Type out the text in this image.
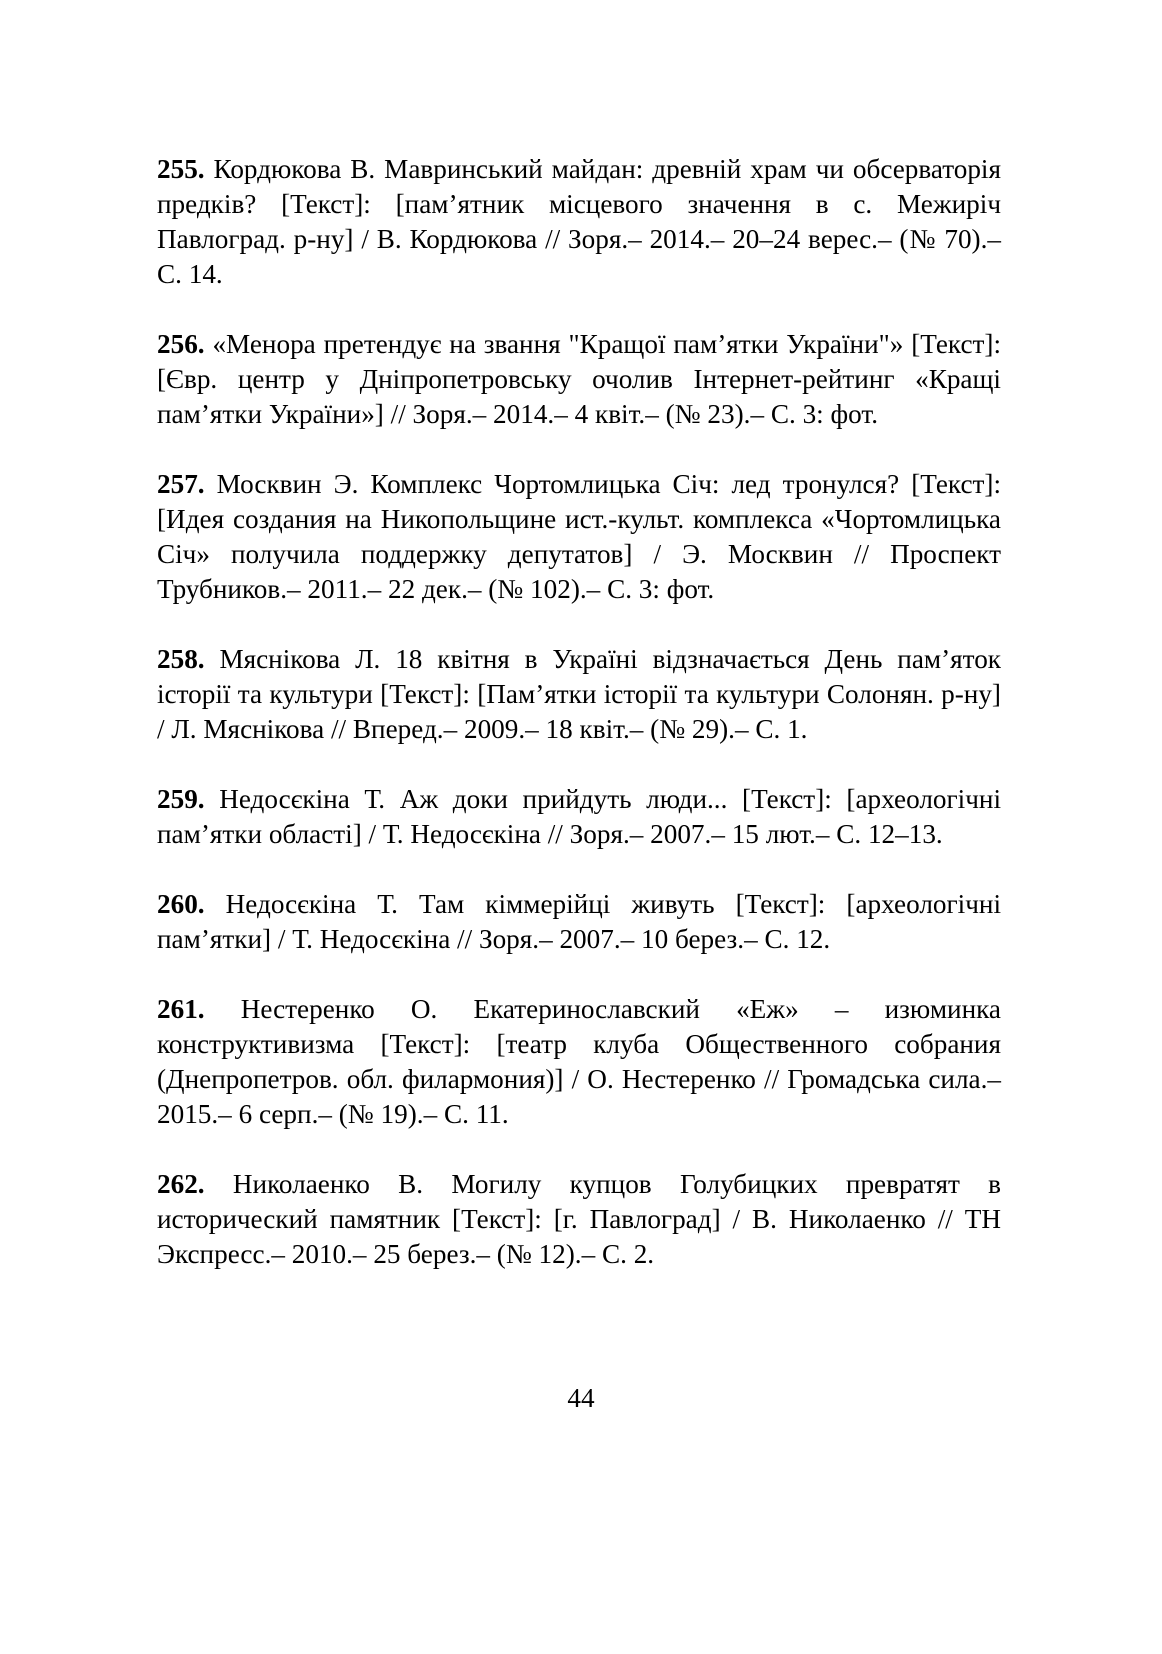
255. Кордюкова В. Мавринський майдан: древній храм чи обсерваторія предків? [Текст]: [пам’ятник місцевого значення в с. Межиріч Павлоград. р-ну] / В. Кордюкова // Зоря.– 2014.– 20–24 верес.– (№ 70).– С. 14.

256. «Менора претендує на звання "Кращої пам’ятки України"» [Текст]: [Євр. центр у Дніпропетровську очолив Інтернет-рейтинг «Кращі пам’ятки України»] // Зоря.– 2014.– 4 квіт.– (№ 23).– С. 3: фот.

257. Москвин Э. Комплекс Чортомлицька Січ: лед тронулся? [Текст]: [Идея создания на Никопольщине ист.-культ. комплекса «Чортомлицька Січ» получила поддержку депутатов] / Э. Москвин // Проспект Трубников.– 2011.– 22 дек.– (№ 102).– С. 3: фот.

258. Мяснікова Л. 18 квітня в Україні відзначається День пам’яток історії та культури [Текст]: [Пам’ятки історії та культури Солонян. р-ну] / Л. Мяснікова // Вперед.– 2009.– 18 квіт.– (№ 29).– С. 1.

259. Недосєкіна Т. Аж доки прийдуть люди... [Текст]: [археологічні пам’ятки області] / Т. Недосєкіна // Зоря.– 2007.– 15 лют.– С. 12–13.

260. Недосєкіна Т. Там кіммерійці живуть [Текст]: [археологічні пам’ятки] / Т. Недосєкіна // Зоря.– 2007.– 10 берез.– С. 12.

261. Нестеренко О. Екатеринославский «Еж» – изюминка конструктивизма [Текст]: [театр клуба Общественного собрания (Днепропетров. обл. филармония)] / О. Нестеренко // Громадська сила.– 2015.– 6 серп.– (№ 19).– С. 11.

262. Николаенко В. Могилу купцов Голубицких превратят в исторический памятник [Текст]: [г. Павлоград] / В. Николаенко // ТН Экспресс.– 2010.– 25 берез.– (№ 12).– С. 2.

44
